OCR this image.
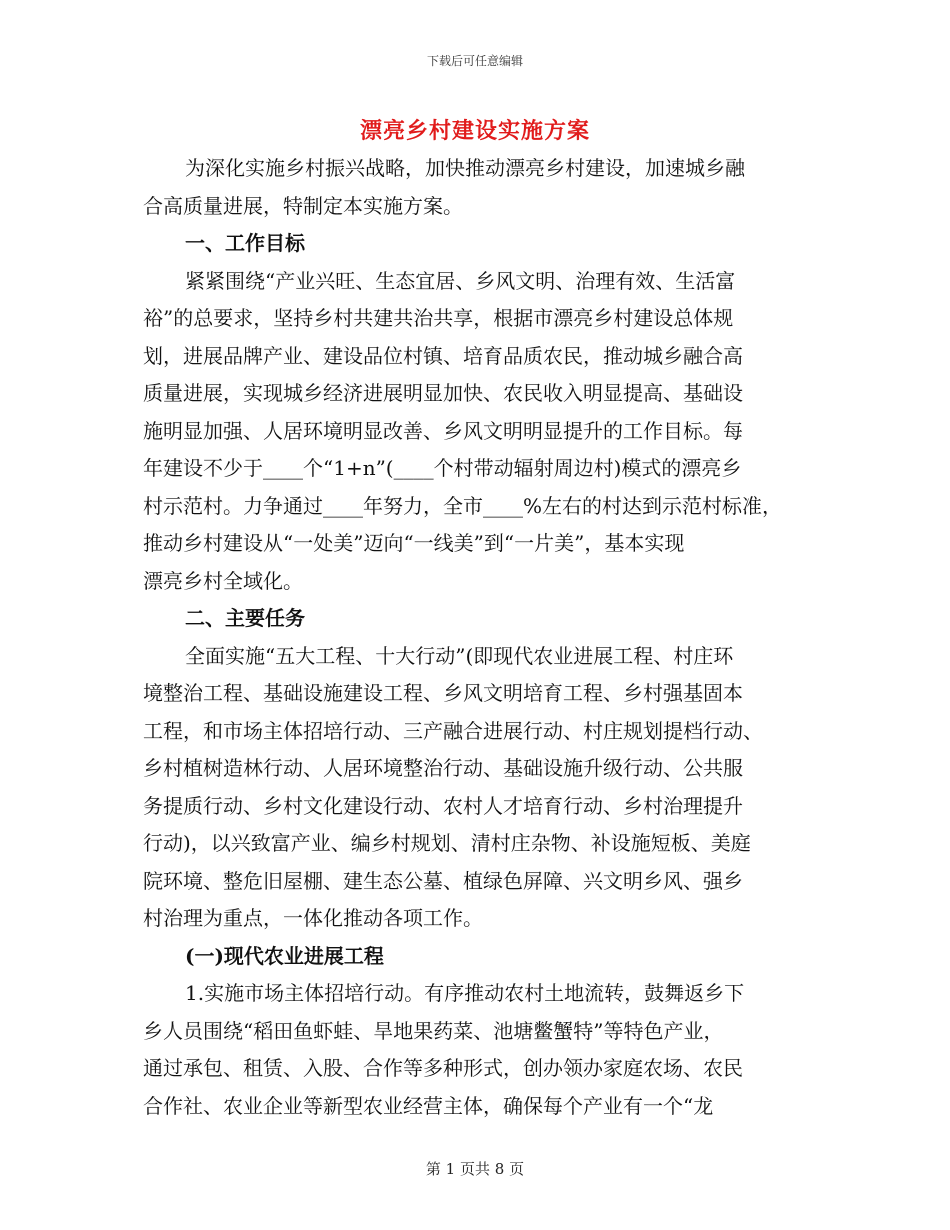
下载后可任意编辑
漂亮乡村建设实施方案
为深化实施乡村振兴战略，加快推动漂亮乡村建设，加速城乡融
合高质量进展，特制定本实施方案。
一、工作目标
紧紧围绕“产业兴旺、生态宜居、乡风文明、治理有效、生活富
裕”的总要求，坚持乡村共建共治共享，根据市漂亮乡村建设总体规
划，进展品牌产业、建设品位村镇、培育品质农民，推动城乡融合高
质量进展，实现城乡经济进展明显加快、农民收入明显提高、基础设
施明显加强、人居环境明显改善、乡风文明明显提升的工作目标。每
年建设不少于____个“1+n”(____个村带动辐射周边村)模式的漂亮乡
村示范村。力争通过____年努力，全市____%左右的村达到示范村标准，
推动乡村建设从“一处美”迈向“一线美”到“一片美”，基本实现
漂亮乡村全域化。
二、主要任务
全面实施“五大工程、十大行动”(即现代农业进展工程、村庄环
境整治工程、基础设施建设工程、乡风文明培育工程、乡村强基固本
工程，和市场主体招培行动、三产融合进展行动、村庄规划提档行动、
乡村植树造林行动、人居环境整治行动、基础设施升级行动、公共服
务提质行动、乡村文化建设行动、农村人才培育行动、乡村治理提升
行动)，以兴致富产业、编乡村规划、清村庄杂物、补设施短板、美庭
院环境、整危旧屋棚、建生态公墓、植绿色屏障、兴文明乡风、强乡
村治理为重点，一体化推动各项工作。
(一)现代农业进展工程
1.实施市场主体招培行动。有序推动农村土地流转，鼓舞返乡下
乡人员围绕“稻田鱼虾蛙、旱地果药菜、池塘鳖蟹特”等特色产业，
通过承包、租赁、入股、合作等多种形式，创办领办家庭农场、农民
合作社、农业企业等新型农业经营主体，确保每个产业有一个“龙
第 1 页共 8 页
